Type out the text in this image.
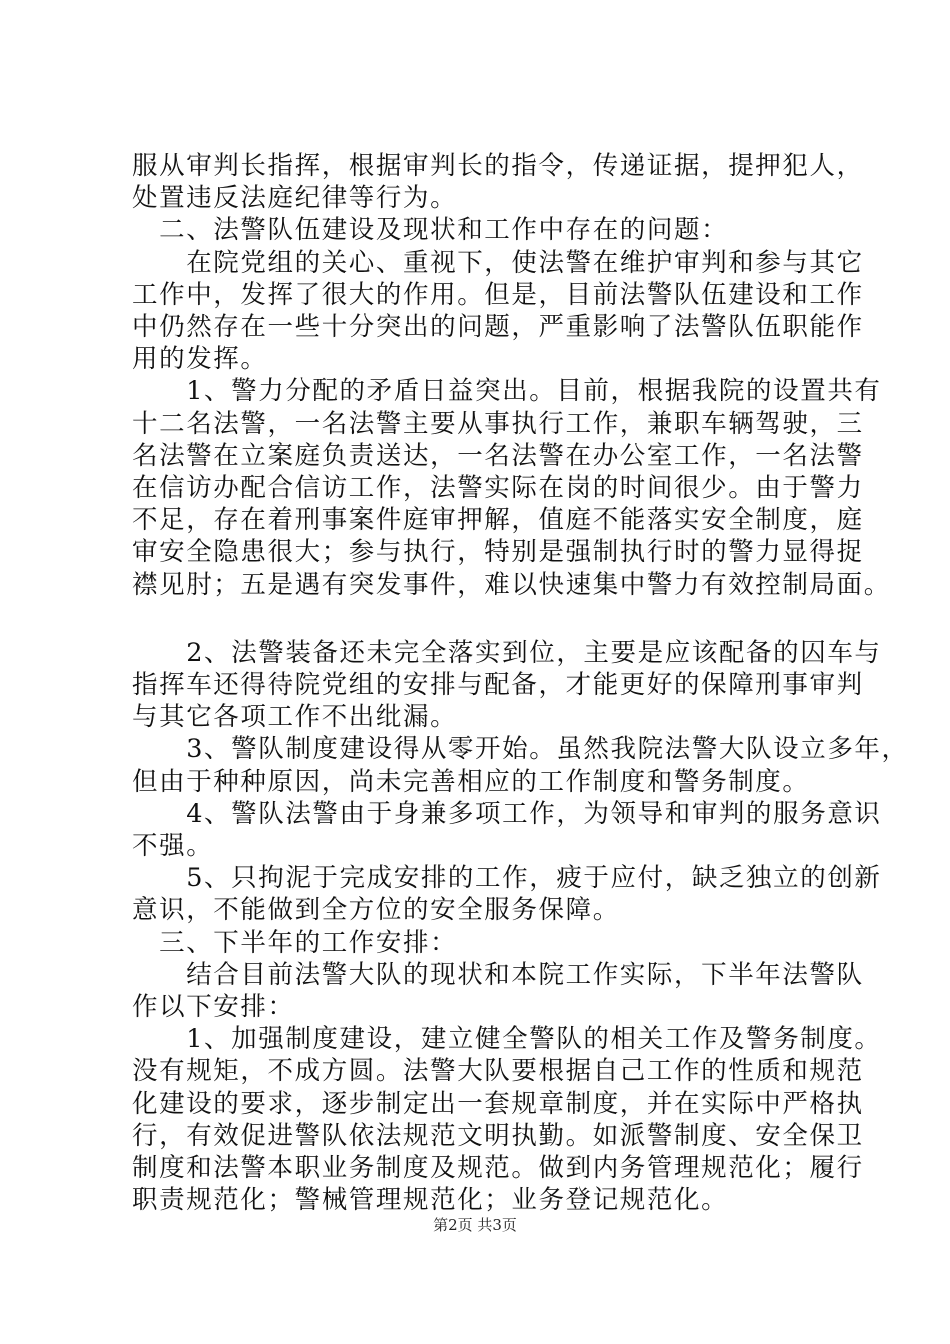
服从审判长指挥，根据审判长的指令，传递证据，提押犯人，
处置违反法庭纪律等行为。
　二、法警队伍建设及现状和工作中存在的问题：
　　在院党组的关心、重视下，使法警在维护审判和参与其它
工作中，发挥了很大的作用。但是，目前法警队伍建设和工作
中仍然存在一些十分突出的问题，严重影响了法警队伍职能作
用的发挥。
　　1、警力分配的矛盾日益突出。目前，根据我院的设置共有
十二名法警，一名法警主要从事执行工作，兼职车辆驾驶，三
名法警在立案庭负责送达，一名法警在办公室工作，一名法警
在信访办配合信访工作，法警实际在岗的时间很少。由于警力
不足，存在着刑事案件庭审押解，值庭不能落实安全制度，庭
审安全隐患很大；参与执行，特别是强制执行时的警力显得捉
襟见肘；五是遇有突发事件，难以快速集中警力有效控制局面。
　　2、法警装备还未完全落实到位，主要是应该配备的囚车与
指挥车还得待院党组的安排与配备，才能更好的保障刑事审判
与其它各项工作不出纰漏。
　　3、警队制度建设得从零开始。虽然我院法警大队设立多年，
但由于种种原因，尚未完善相应的工作制度和警务制度。
　　4、警队法警由于身兼多项工作，为领导和审判的服务意识
不强。
　　5、只拘泥于完成安排的工作，疲于应付，缺乏独立的创新
意识，不能做到全方位的安全服务保障。
　三、下半年的工作安排：
　　结合目前法警大队的现状和本院工作实际，下半年法警队
作以下安排：
　　1、加强制度建设，建立健全警队的相关工作及警务制度。
没有规矩，不成方圆。法警大队要根据自己工作的性质和规范
化建设的要求，逐步制定出一套规章制度，并在实际中严格执
行，有效促进警队依法规范文明执勤。如派警制度、安全保卫
制度和法警本职业务制度及规范。做到内务管理规范化；履行
职责规范化；警械管理规范化；业务登记规范化。
第2页 共3页
